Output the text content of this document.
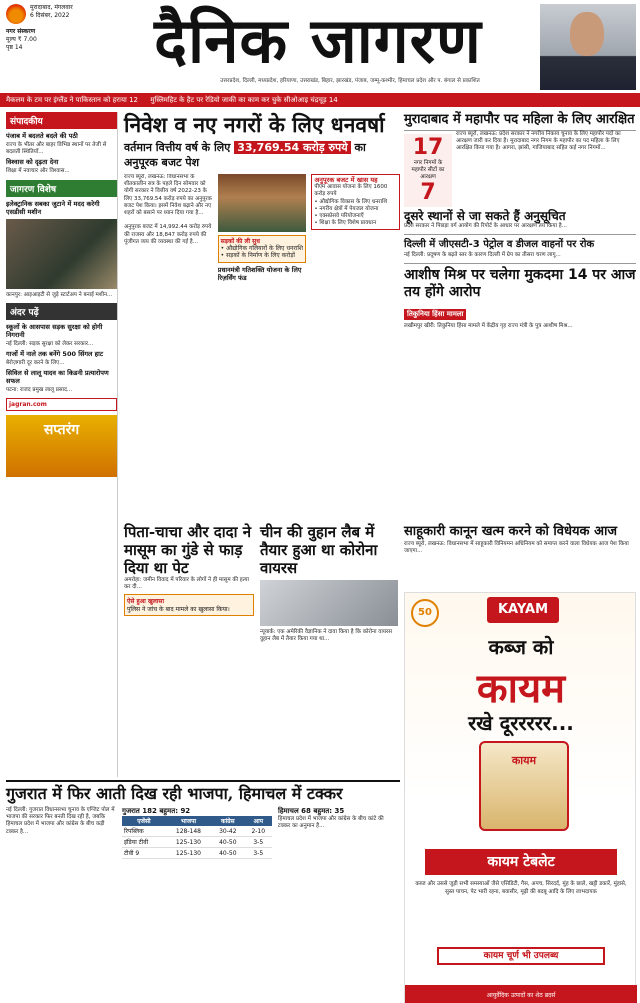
मुरादाबाद, मंगलवार
6 दिसंबर, 2022
नगर संस्करण
मूल्य ₹ 7.00
पृष्ठ 14	दैनिक जागरण
उत्तरप्रदेश, दिल्ली, मध्यप्रदेश, हरियाणा, उत्तराखंड, बिहार, झारखंड, पंजाब, जम्मू-कश्मीर, हिमाचल प्रदेश और प. बंगाल से प्रकाशित
मैकलम के टम पर इंग्लैंड ने पाकिस्तान को हराया 12 मुस्लिमहिट के हैट पर रेडियो जाकी का काम कर चुके सीओआइ चंद्रचूड़ 14
संपादकीय
पंजाब में बदलते बदले की पठी
राज्य के भीतर और बाहर विभिन्न स्थानों पर तेजी से बदलती स्थितियाँ...
विश्वास को दृढ़ता देना
शिक्षा में नवाचार और विश्वास...
जागरण विशेष
इलेक्ट्रानिक सबका जुटाने में मदद करेगी एसडीसी मशीन
कानपुर: आइआइटी से जुड़े स्टार्टअप ने बनाई मशीन...
अंदर पढ़ें
स्कूलों के आसपास सड़क सुरक्षा को होगी निगरानी
नई दिल्ली: सड़क सुरक्षा को लेकर सरकार...
गाजों में नाले तक बनेंगे 500 सिंगल हाट
बेरोज़गारी दूर करने के लिए...
सिविल से लालू यादव का किडनी प्रत्यारोपण सफल
पटना: राजद प्रमुख लालू प्रसाद...
jagran.com
सप्तरंग
निवेश व नए नगरों के लिए धनवर्षा
वर्तमान वित्तीय वर्ष के लिए 33,769.54 करोड़ रुपये का अनुपूरक बजट पेश
राज्य ब्यूरो, लखनऊ: विधानसभा के शीतकालीन सत्र के पहले दिन सोमवार को योगी सरकार ने वित्तीय वर्ष 2022-23 के लिए 33,769.54 करोड़ रुपये का अनुपूरक बजट पेश किया। इसमें निवेश बढ़ाने और नए शहरों को बसाने पर ध्यान दिया गया है...

अनुपूरक बजट में 14,992.44 करोड़ रुपये की राजस्व और 18,847 करोड़ रुपये की पूंजीगत व्यय की व्यवस्था की गई है...	सड़कों की ली सुध
• औद्योगिक गलियारों के लिए धनराशि
• सड़कों के निर्माण के लिए करोड़ों
प्रधानमंत्री गतिशक्ति योजना के लिए रिज़र्विंग फंड
अनुपूरक बजट में खास यह
पीएम आवास योजना के लिए 1600 करोड़ रुपये
• औद्योगिक विकास के लिए धनराशि
• नगरीय क्षेत्रों में पेयजल योजना
• एक्सप्रेसवे परियोजनाएँ
• शिक्षा के लिए विशेष प्रावधान
मुरादाबाद में महापौर पद महिला के लिए आरक्षित
17
नगर निगमों के महापौर सीटों का आरक्षण
7
राज्य ब्यूरो, लखनऊ: प्रदेश सरकार ने नगरीय निकाय चुनाव के लिए महापौर पदों का आरक्षण जारी कर दिया है। मुरादाबाद नगर निगम के महापौर का पद महिला के लिए आरक्षित किया गया है। आगरा, झांसी, गाजियाबाद सहित कई नगर निगमों...
दूसरे स्थानों से जा सकते हैं अनुसूचित
प्रदेश सरकार ने पिछड़ा वर्ग आयोग की रिपोर्ट के आधार पर आरक्षण तय किया है...
दिल्ली में जीएसटी-3 पेट्रोल व डीजल वाहनों पर रोक
नई दिल्ली: प्रदूषण के बढ़ते स्तर के कारण दिल्ली में ग्रेप का तीसरा चरण लागू...
आशीष मिश्र पर चलेगा मुकदमा 14 पर आज तय होंगे आरोप
तिकुनिया हिंसा मामला
लखीमपुर खीरी: तिकुनिया हिंसा मामले में केंद्रीय गृह राज्य मंत्री के पुत्र आशीष मिश्र...
पिता-चाचा और दादा ने मासूम का गुंडे से फाड़ दिया था पेट
अमरोहा: जमीन विवाद में परिवार के लोगों ने ही मासूम की हत्या कर दी...
ऐसे हुआ खुलासा
पुलिस ने जांच के बाद मामले का खुलासा किया।
चीन की वुहान लैब में तैयार हुआ था कोरोना वायरस
न्यूयार्क: एक अमेरिकी वैज्ञानिक ने दावा किया है कि कोरोना वायरस वुहान लैब में तैयार किया गया था...
साहूकारी कानून खत्म करने को विधेयक आज
राज्य ब्यूरो, लखनऊ: विधानसभा में साहूकारी विनियमन अधिनियम को समाप्त करने वाला विधेयक आज पेश किया जाएगा...
50	KAYAM
कब्ज को
कायम
रखे दूररररर...
कायम
कायम टेबलेट
कब्ज और उससे जुड़ी सभी समस्याओं जैसे एसिडिटी, गैस, अपच, सिरदर्द, मुंह के छाले, खट्टी डकारें, मुंहासे, सुस्त पाचन, पेट भारी रहना, बवासीर, मूढ़ी की बदबू आदि के लिए लाभदायक
कायम चूर्ण भी उपलब्ध
आयुर्वेदिक उत्पादों का शेठ ब्रदर्स
गुजरात में फिर आती दिख रही भाजपा, हिमाचल में टक्कर
नई दिल्ली: गुजरात विधानसभा चुनाव के एग्जिट पोल में भाजपा की सरकार फिर बनती दिख रही है, जबकि हिमाचल प्रदेश में भाजपा और कांग्रेस के बीच कड़ी टक्कर है...
गुजरात 182 बहुमत: 92
एजेंसी	भाजपा	कांग्रेस	आप
रिपब्लिक	128-148	30-42	2-10
इंडिया टीवी	125-130	40-50	3-5
टीवी 9	125-130	40-50	3-5
हिमाचल 68 बहुमत: 35
हिमाचल प्रदेश में भाजपा और कांग्रेस के बीच कांटे की टक्कर का अनुमान है...
